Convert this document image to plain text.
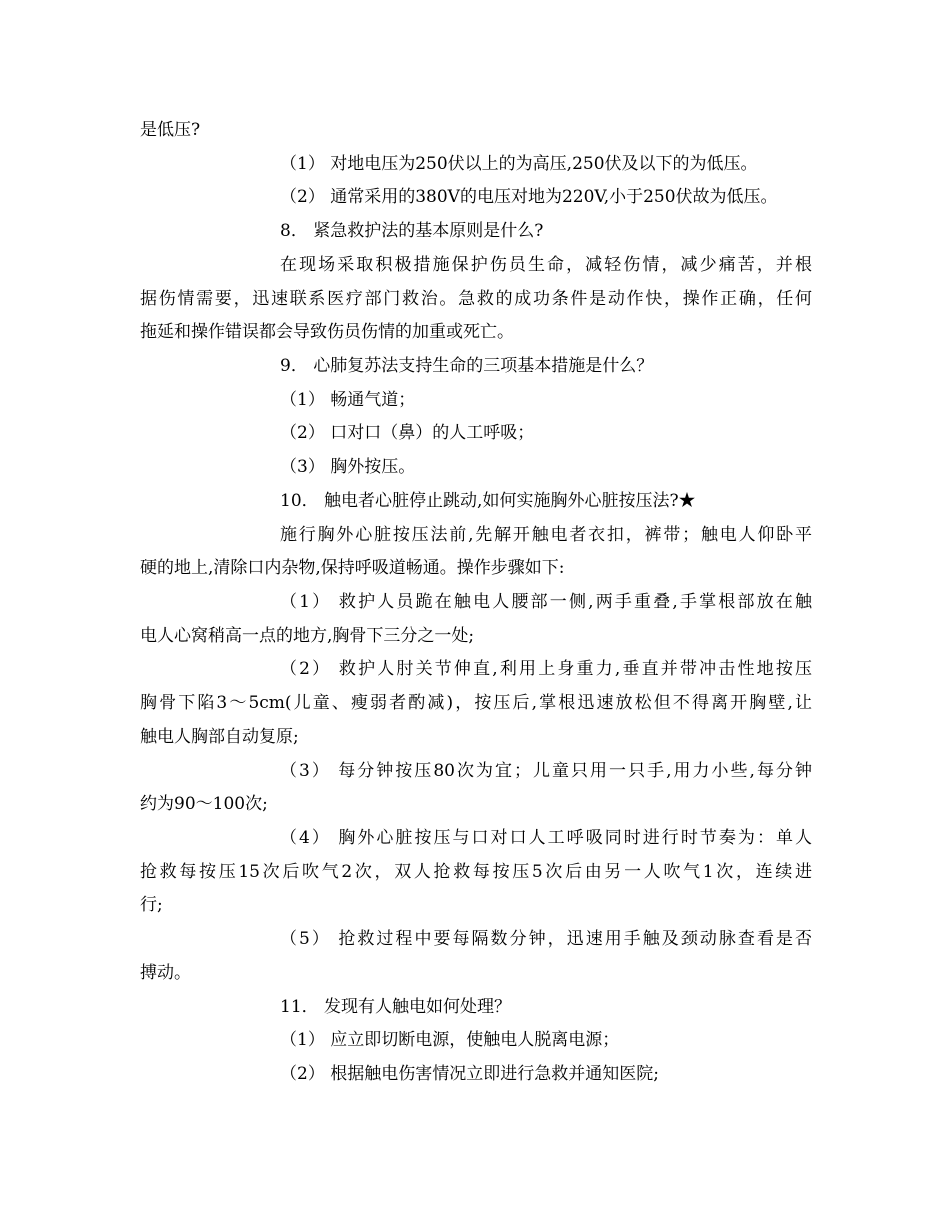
是低压?
（1） 对地电压为250伏以上的为高压,250伏及以下的为低压。
（2） 通常采用的380V的电压对地为220V,小于250伏故为低压。
8． 紧急救护法的基本原则是什么?
在现场采取积极措施保护伤员生命，减轻伤情，减少痛苦，并根
据伤情需要，迅速联系医疗部门救治。急救的成功条件是动作快，操作正确，任何
拖延和操作错误都会导致伤员伤情的加重或死亡。
9． 心肺复苏法支持生命的三项基本措施是什么？
（1） 畅通气道；
（2） 口对口（鼻）的人工呼吸；
（3） 胸外按压。
10． 触电者心脏停止跳动,如何实施胸外心脏按压法?★
施行胸外心脏按压法前,先解开触电者衣扣，裤带；触电人仰卧平
硬的地上,清除口内杂物,保持呼吸道畅通。操作步骤如下:
（1） 救护人员跪在触电人腰部一侧,两手重叠,手掌根部放在触
电人心窝稍高一点的地方,胸骨下三分之一处;
（2） 救护人肘关节伸直,利用上身重力,垂直并带冲击性地按压
胸骨下陷3～5cm(儿童、瘦弱者酌减)，按压后,掌根迅速放松但不得离开胸壁,让
触电人胸部自动复原;
（3） 每分钟按压80次为宜；儿童只用一只手,用力小些,每分钟
约为90～100次;
（4） 胸外心脏按压与口对口人工呼吸同时进行时节奏为：单人
抢救每按压15次后吹气2次，双人抢救每按压5次后由另一人吹气1次，连续进
行;
（5） 抢救过程中要每隔数分钟，迅速用手触及颈动脉查看是否
搏动。
11． 发现有人触电如何处理？
（1） 应立即切断电源，使触电人脱离电源；
（2） 根据触电伤害情况立即进行急救并通知医院;
